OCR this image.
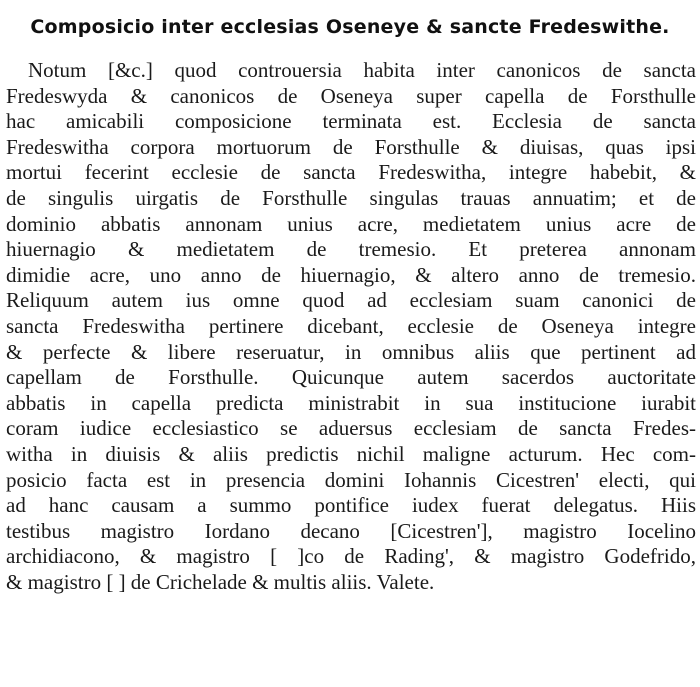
Composicio inter ecclesias Oseneye & sancte Fredeswithe.
Notum [&c.] quod controuersia habita inter canonicos de sancta
Fredeswyda & canonicos de Oseneya super capella de Forsthulle
hac amicabili composicione terminata est. Ecclesia de sancta
Fredeswitha corpora mortuorum de Forsthulle & diuisas, quas ipsi
mortui fecerint ecclesie de sancta Fredeswitha, integre habebit, &
de singulis uirgatis de Forsthulle singulas trauas annuatim; et de
dominio abbatis annonam unius acre, medietatem unius acre de
hiuernagio & medietatem de tremesio. Et preterea annonam
dimidie acre, uno anno de hiuernagio, & altero anno de tremesio.
Reliquum autem ius omne quod ad ecclesiam suam canonici de
sancta Fredeswitha pertinere dicebant, ecclesie de Oseneya integre
& perfecte & libere reseruatur, in omnibus aliis que pertinent ad
capellam de Forsthulle. Quicunque autem sacerdos auctoritate
abbatis in capella predicta ministrabit in sua institucione iurabit
coram iudice ecclesiastico se aduersus ecclesiam de sancta Fredes-
witha in diuisis & aliis predictis nichil maligne acturum. Hec com-
posicio facta est in presencia domini Iohannis Cicestren' electi, qui
ad hanc causam a summo pontifice iudex fuerat delegatus. Hiis
testibus magistro Iordano decano [Cicestren'], magistro Iocelino
archidiacono, & magistro [ ]co de Rading', & magistro Godefrido,
& magistro [ ] de Crichelade & multis aliis. Valete.
